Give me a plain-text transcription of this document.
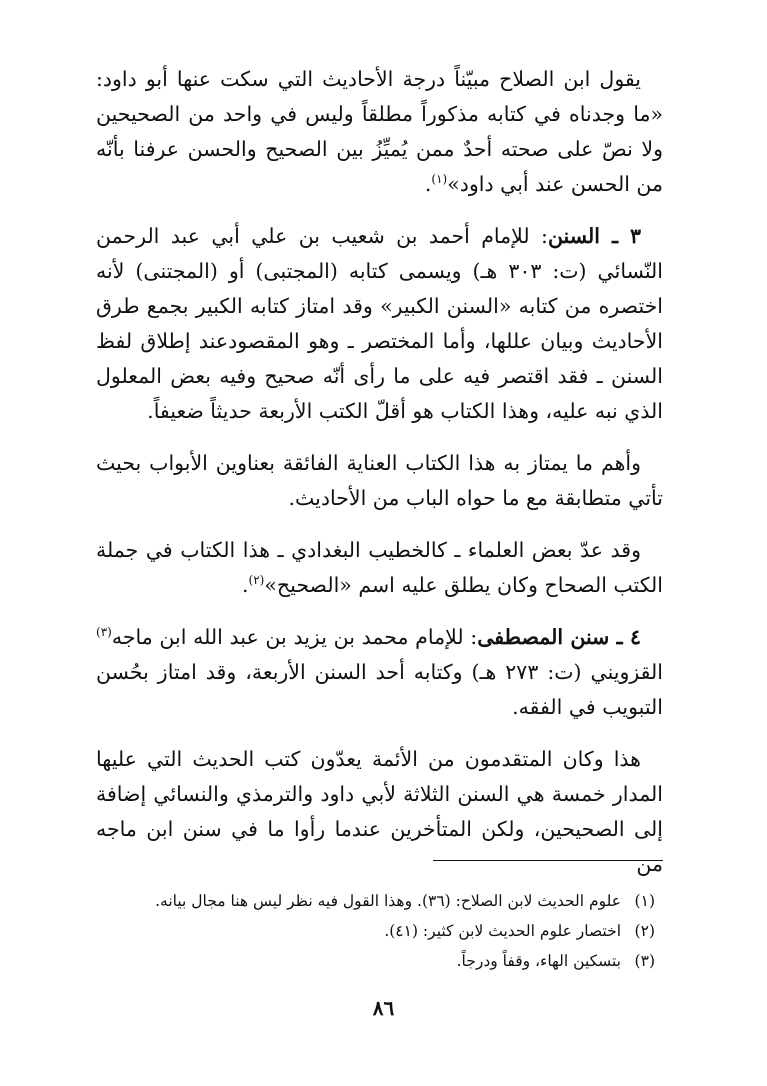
يقول ابن الصلاح مبيّناً درجة الأحاديث التي سكت عنها أبو داود: «ما وجدناه في كتابه مذكوراً مطلقاً وليس في واحد من الصحيحين ولا نصّ على صحته أحدٌ ممن يُميِّزُ بين الصحيح والحسن عرفنا بأنّه من الحسن عند أبي داود»$^{(١)}$.

٣ ـ السنن: للإمام أحمد بن شعيب بن علي أبي عبد الرحمن النّسائي (ت: ٣٠٣ هـ) ويسمى كتابه (المجتبى) أو (المجتنى) لأنه اختصره من كتابه «السنن الكبير» وقد امتاز كتابه الكبير بجمع طرق الأحاديث وبيان عللها، وأما المختصر ـ وهو المقصودعند إطلاق لفظ السنن ـ فقد اقتصر فيه على ما رأى أنّه صحيح وفيه بعض المعلول الذي نبه عليه، وهذا الكتاب هو أقلّ الكتب الأربعة حديثاً ضعيفاً.

وأهم ما يمتاز به هذا الكتاب العناية الفائقة بعناوين الأبواب بحيث تأتي متطابقة مع ما حواه الباب من الأحاديث.

وقد عدّ بعض العلماء ـ كالخطيب البغدادي ـ هذا الكتاب في جملة الكتب الصحاح وكان يطلق عليه اسم «الصحيح»$^{(٢)}$.

٤ ـ سنن المصطفى: للإمام محمد بن يزيد بن عبد الله ابن ماجه$^{(٣)}$ القزويني (ت: ٢٧٣ هـ) وكتابه أحد السنن الأربعة، وقد امتاز بحُسن التبويب في الفقه.

هذا وكان المتقدمون من الأئمة يعدّون كتب الحديث التي عليها المدار خمسة هي السنن الثلاثة لأبي داود والترمذي والنسائي إضافة إلى الصحيحين، ولكن المتأخرين عندما رأوا ما في سنن ابن ماجه من

(١)
علوم الحديث لابن الصلاح: (٣٦). وهذا القول فيه نظر ليس هنا مجال بيانه.
(٢)
اختصار علوم الحديث لابن كثير: (٤١).
(٣)
بتسكين الهاء، وقفاً ودرجاً.
٨٦
